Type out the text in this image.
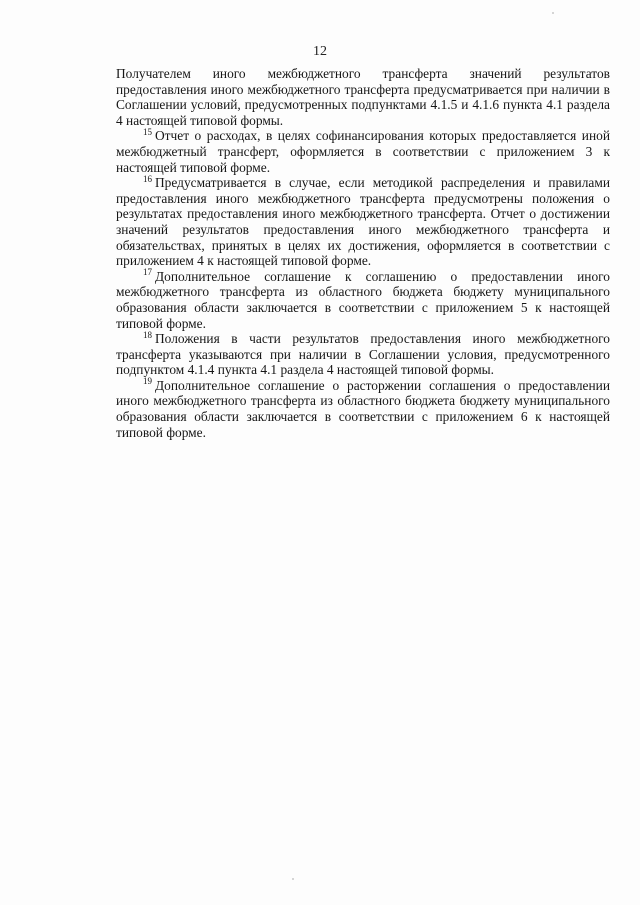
12

Получателем иного межбюджетного трансферта значений результатов предоставления иного межбюджетного трансферта предусматривается при наличии в Соглашении условий, предусмотренных подпунктами 4.1.5 и 4.1.6 пункта 4.1 раздела 4 настоящей типовой формы.

$^{15}$ Отчет о расходах, в целях софинансирования которых предоставляется иной межбюджетный трансферт, оформляется в соответствии с приложением 3 к настоящей типовой форме.

$^{16}$ Предусматривается в случае, если методикой распределения и правилами предоставления иного межбюджетного трансферта предусмотрены положения о результатах предоставления иного межбюджетного трансферта. Отчет о достижении значений результатов предоставления иного межбюджетного трансферта и обязательствах, принятых в целях их достижения, оформляется в соответствии с приложением 4 к настоящей типовой форме.

$^{17}$ Дополнительное соглашение к соглашению о предоставлении иного межбюджетного трансферта из областного бюджета бюджету муниципального образования области заключается в соответствии с приложением 5 к настоящей типовой форме.

$^{18}$ Положения в части результатов предоставления иного межбюджетного трансферта указываются при наличии в Соглашении условия, предусмотренного подпунктом 4.1.4 пункта 4.1 раздела 4 настоящей типовой формы.

$^{19}$ Дополнительное соглашение о расторжении соглашения о предоставлении иного межбюджетного трансферта из областного бюджета бюджету муниципального образования области заключается в соответствии с приложением 6 к настоящей типовой форме.
